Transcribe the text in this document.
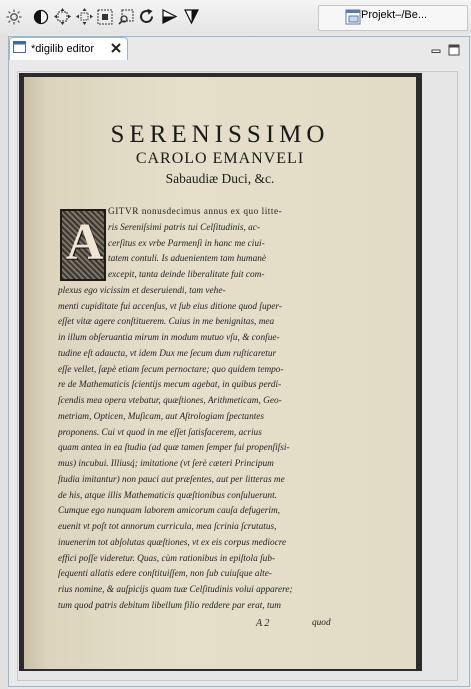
Projekt–/Be...
*digilib editor
SERENISSIMO
CAROLO EMANVELI
Sabaudiæ Duci, &c.
A
GITVR nonusdecimus annus ex quo litte-
ris Sereniſsimi patris tui Celſitudinis, ac-
cerſitus ex vrbe Parmenſi in hanc me ciui-
tatem contuli. Is aduenientem tam humanè
excepit, tanta deinde liberalitate fuit com-
plexus ego vicissim et deseruiendi, tam vehe-
menti cupiditate fui accenſus, vt ſub eius ditione quod ſuper-
eſſet vitæ agere conſtituerem. Cuius in me benignitas, mea
in illum obſeruantia mirum in modum mutuo vſu, & conſue-
tudine eſt adaucta, vt idem Dux me ſecum dum ruſticaretur
eſſe vellet, ſæpè etiam ſecum pernoctare; quo quidem tempo-
re de Mathematicis ſcientijs mecum agebat, in quibus perdi-
ſcendis mea opera vtebatur, quæſtiones, Arithmeticam, Geo-
metriam, Opticen, Muſicam, aut Aſtrologiam ſpectantes
proponens. Cui vt quod in me eſſet ſatisfacerem, acrius
quam antea in ea ſtudia (ad quæ tamen ſemper fui propenſiſsi-
mus) incubui. Illiusq́; imitatione (vt ſerè cæteri Principum
ſtudia imitantur) non pauci aut præſentes, aut per litteras me
de his, atque illis Mathematicis quæſtionibus conſuluerunt.
Cumque ego nunquam laborem amicorum cauſa defugerim,
euenit vt poſt tot annorum curricula, mea ſcrinia ſcrutatus,
inuenerim tot abſolutas quæſtiones, vt ex eis corpus mediocre
effici poſſe videretur. Quas, cùm rationibus in epiſtola ſub-
ſequenti allatis edere conſtituiſſem, non ſub cuiuſque alte-
rius nomine, & auſpicijs quam tuæ Celſitudinis volui apparere;
tum quod patris debitum libellum filio reddere par erat, tum
A 2	quod
